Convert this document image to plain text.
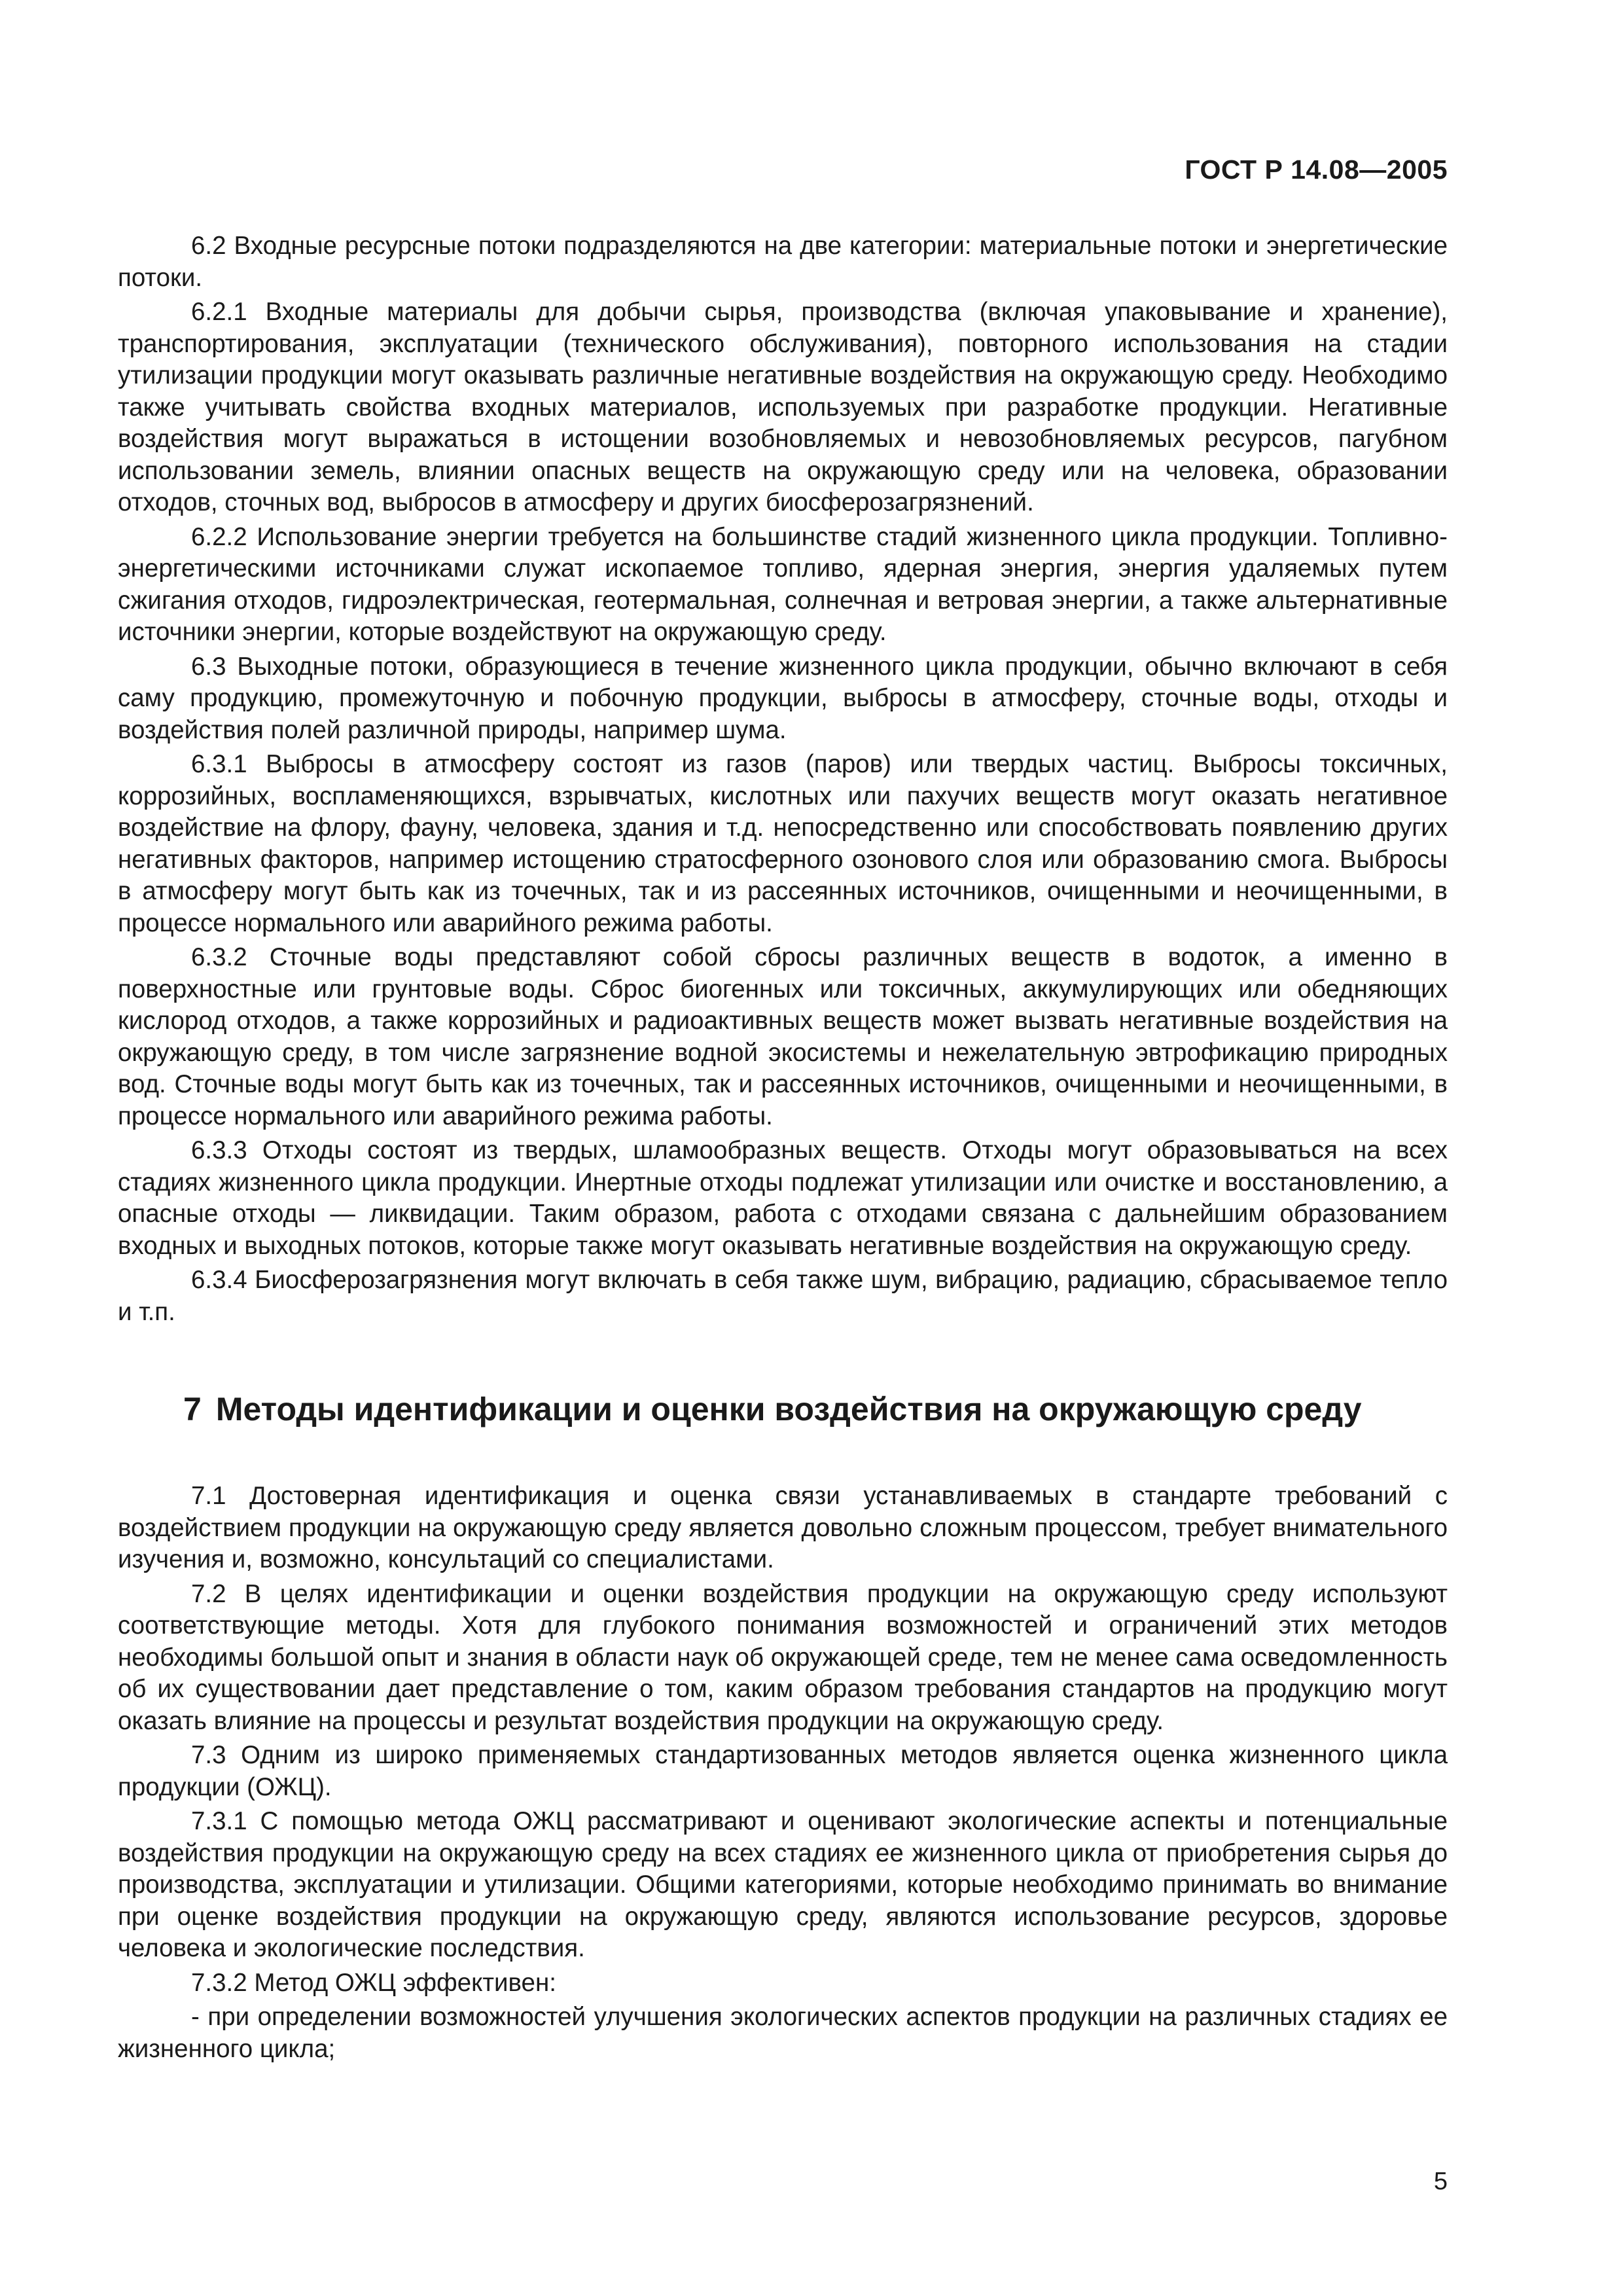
ГОСТ Р 14.08—2005

6.2 Входные ресурсные потоки подразделяются на две категории: материальные потоки и энергетические потоки.

6.2.1 Входные материалы для добычи сырья, производства (включая упаковывание и хранение), транспортирования, эксплуатации (технического обслуживания), повторного использования на стадии утилизации продукции могут оказывать различные негативные воздействия на окружающую среду. Необходимо также учитывать свойства входных материалов, используемых при разработке продукции. Негативные воздействия могут выражаться в истощении возобновляемых и невозобновляемых ресурсов, пагубном использовании земель, влиянии опасных веществ на окружающую среду или на человека, образовании отходов, сточных вод, выбросов в атмосферу и других биосферозагрязнений.

6.2.2 Использование энергии требуется на большинстве стадий жизненного цикла продукции. Топливно-энергетическими источниками служат ископаемое топливо, ядерная энергия, энергия удаляемых путем сжигания отходов, гидроэлектрическая, геотермальная, солнечная и ветровая энергии, а также альтернативные источники энергии, которые воздействуют на окружающую среду.

6.3 Выходные потоки, образующиеся в течение жизненного цикла продукции, обычно включают в себя саму продукцию, промежуточную и побочную продукции, выбросы в атмосферу, сточные воды, отходы и воздействия полей различной природы, например шума.

6.3.1 Выбросы в атмосферу состоят из газов (паров) или твердых частиц. Выбросы токсичных, коррозийных, воспламеняющихся, взрывчатых, кислотных или пахучих веществ могут оказать негативное воздействие на флору, фауну, человека, здания и т.д. непосредственно или способствовать появлению других негативных факторов, например истощению стратосферного озонового слоя или образованию смога. Выбросы в атмосферу могут быть как из точечных, так и из рассеянных источников, очищенными и неочищенными, в процессе нормального или аварийного режима работы.

6.3.2 Сточные воды представляют собой сбросы различных веществ в водоток, а именно в поверхностные или грунтовые воды. Сброс биогенных или токсичных, аккумулирующих или обедняющих кислород отходов, а также коррозийных и радиоактивных веществ может вызвать негативные воздействия на окружающую среду, в том числе загрязнение водной экосистемы и нежелательную эвтрофикацию природных вод. Сточные воды могут быть как из точечных, так и рассеянных источников, очищенными и неочищенными, в процессе нормального или аварийного режима работы.

6.3.3 Отходы состоят из твердых, шламообразных веществ. Отходы могут образовываться на всех стадиях жизненного цикла продукции. Инертные отходы подлежат утилизации или очистке и восстановлению, а опасные отходы — ликвидации. Таким образом, работа с отходами связана с дальнейшим образованием входных и выходных потоков, которые также могут оказывать негативные воздействия на окружающую среду.

6.3.4 Биосферозагрязнения могут включать в себя также шум, вибрацию, радиацию, сбрасываемое тепло и т.п.

7 Методы идентификации и оценки воздействия на окружающую среду

7.1 Достоверная идентификация и оценка связи устанавливаемых в стандарте требований с воздействием продукции на окружающую среду является довольно сложным процессом, требует внимательного изучения и, возможно, консультаций со специалистами.

7.2 В целях идентификации и оценки воздействия продукции на окружающую среду используют соответствующие методы. Хотя для глубокого понимания возможностей и ограничений этих методов необходимы большой опыт и знания в области наук об окружающей среде, тем не менее сама осведомленность об их существовании дает представление о том, каким образом требования стандартов на продукцию могут оказать влияние на процессы и результат воздействия продукции на окружающую среду.

7.3 Одним из широко применяемых стандартизованных методов является оценка жизненного цикла продукции (ОЖЦ).

7.3.1 С помощью метода ОЖЦ рассматривают и оценивают экологические аспекты и потенциальные воздействия продукции на окружающую среду на всех стадиях ее жизненного цикла от приобретения сырья до производства, эксплуатации и утилизации. Общими категориями, которые необходимо принимать во внимание при оценке воздействия продукции на окружающую среду, являются использование ресурсов, здоровье человека и экологические последствия.

7.3.2 Метод ОЖЦ эффективен:

- при определении возможностей улучшения экологических аспектов продукции на различных стадиях ее жизненного цикла;

5
